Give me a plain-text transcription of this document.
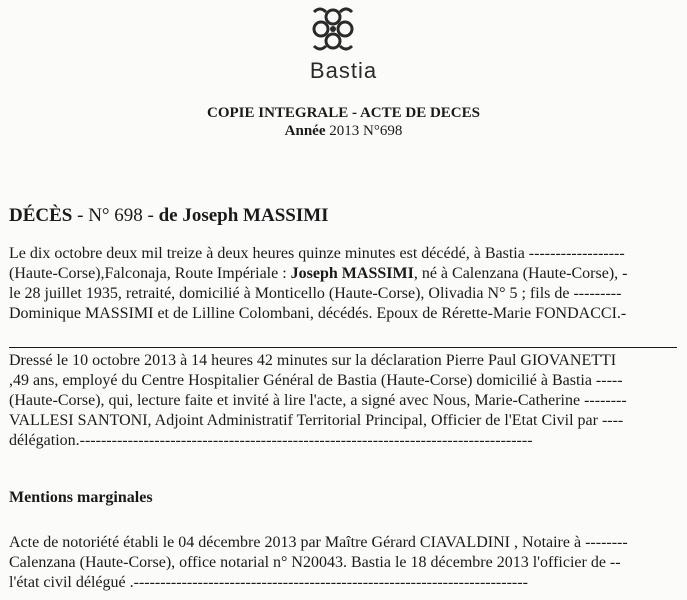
Bastia
COPIE INTEGRALE - ACTE DE DECES
Année 2013 N°698
DÉCÈS - N° 698 - de Joseph MASSIMI
Le dix octobre deux mil treize à deux heures quinze minutes est décédé, à Bastia ------------------
(Haute-Corse),Falconaja, Route Impériale : Joseph MASSIMI, né à Calenzana (Haute-Corse), -
le 28 juillet 1935, retraité, domicilié à Monticello (Haute-Corse), Olivadia N° 5 ; fils de ---------
Dominique MASSIMI et de Lilline Colombani, décédés. Epoux de Rérette-Marie FONDACCI.-
Dressé le 10 octobre 2013 à 14 heures 42 minutes sur la déclaration Pierre Paul GIOVANETTI
,49 ans, employé du Centre Hospitalier Général de Bastia (Haute-Corse) domicilié à Bastia -----
(Haute-Corse), qui, lecture faite et invité à lire l'acte, a signé avec Nous, Marie-Catherine --------
VALLESI SANTONI, Adjoint Administratif Territorial Principal, Officier de l'Etat Civil par ----
délégation.-------------------------------------------------------------------------------------
Mentions marginales
Acte de notoriété établi le 04 décembre 2013 par Maître Gérard CIAVALDINI , Notaire à --------
Calenzana (Haute-Corse), office notarial n° N20043. Bastia le 18 décembre 2013 l'officier de --
l'état civil délégué .--------------------------------------------------------------------------
